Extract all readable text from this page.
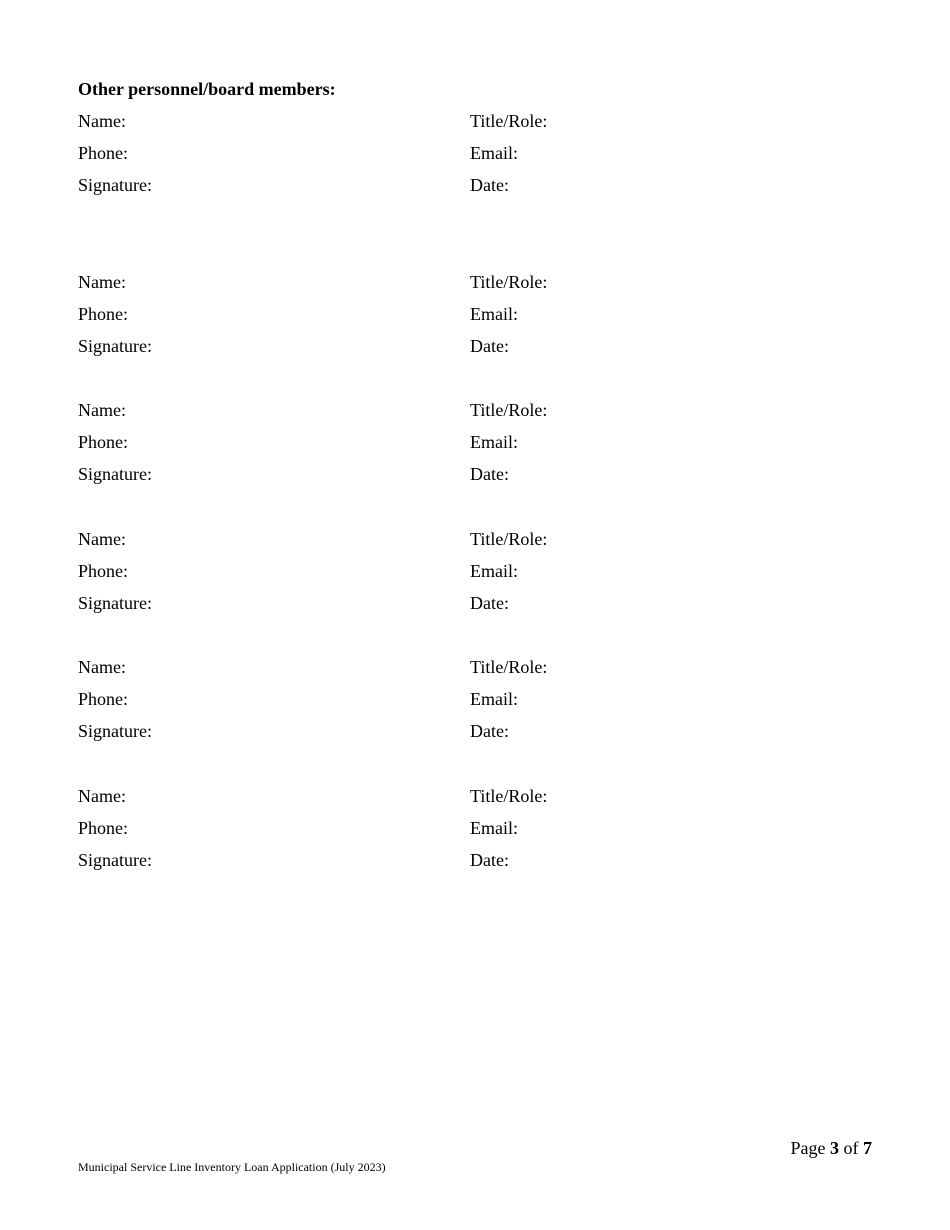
Other personnel/board members:
Name:	Title/Role:
Phone:	Email:
Signature:	Date:
Name:	Title/Role:
Phone:	Email:
Signature:	Date:
Name:	Title/Role:
Phone:	Email:
Signature:	Date:
Name:	Title/Role:
Phone:	Email:
Signature:	Date:
Name:	Title/Role:
Phone:	Email:
Signature:	Date:
Name:	Title/Role:
Phone:	Email:
Signature:	Date:
Page 3 of 7
Municipal Service Line Inventory Loan Application (July 2023)
